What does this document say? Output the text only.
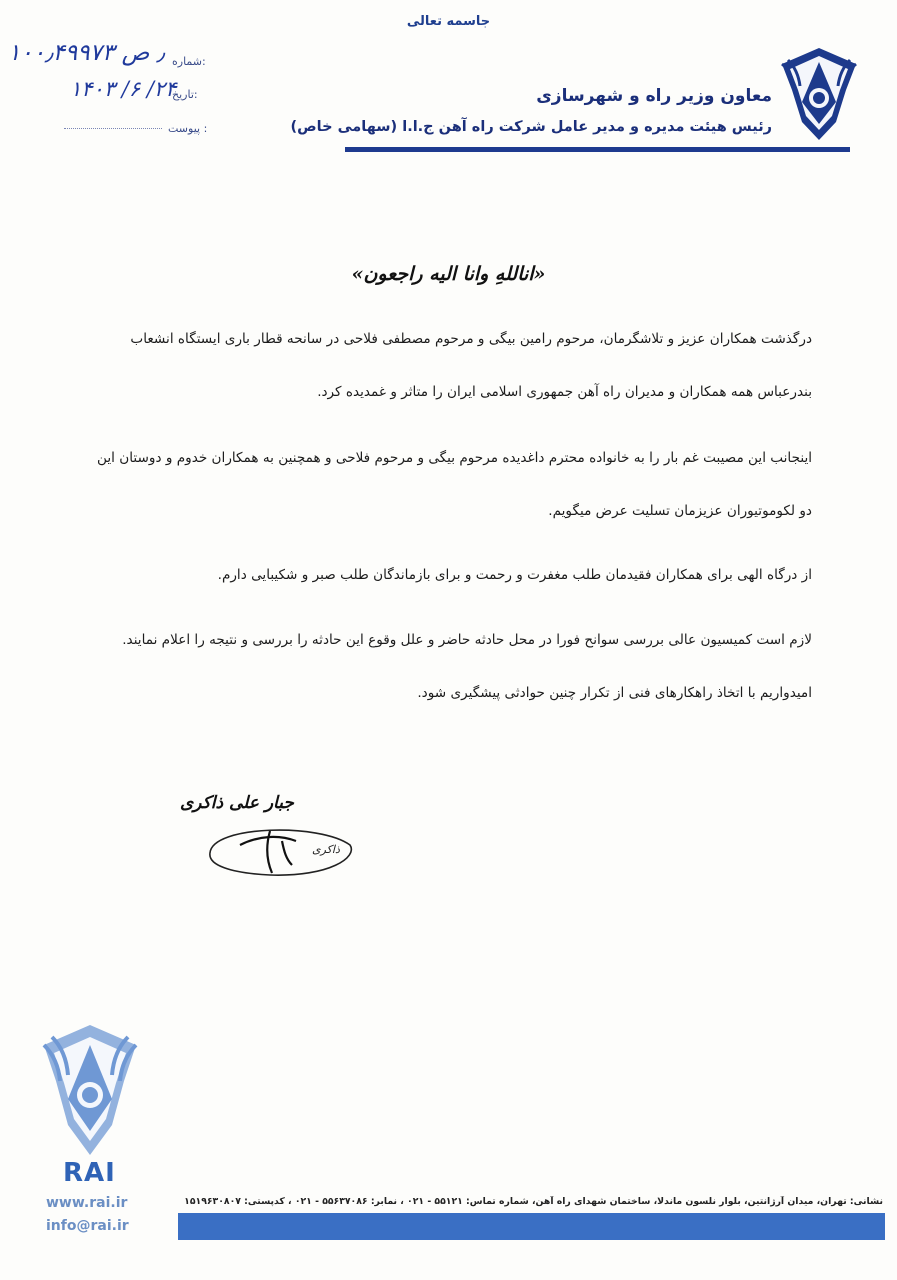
جاسمه تعالی
شماره:
۱۰۰٫۴۹۹۷۳ ٫ ص
تاریخ:
۱۴۰۳ /۶ /۲۴
پیوست :
معاون وزیر راه و شهرسازی
رئیس هیئت مدیره و مدیر عامل شرکت راه آهن ج.ا.ا (سهامی خاص)
«اناللهِ وانا الیه راجعون»
درگذشت همکاران عزیز و تلاشگرمان، مرحوم رامین بیگی و مرحوم مصطفی فلاحی در سانحه قطار باری ایستگاه انشعاب بندرعباس همه همکاران و مدیران راه آهن جمهوری اسلامی ایران را متاثر و غمدیده کرد.
اینجانب این مصیبت غم بار را به خانواده محترم داغدیده مرحوم بیگی و مرحوم فلاحی و همچنین به همکاران خدوم و دوستان این دو لکوموتیوران عزیزمان تسلیت عرض میگویم.
از درگاه الهی برای همکاران فقیدمان طلب مغفرت و رحمت و برای بازماندگان طلب صبر و شکیبایی دارم.
لازم است کمیسیون عالی بررسی سوانح فورا در محل حادثه حاضر و علل وقوع این حادثه را بررسی و نتیجه را اعلام نمایند. امیدواریم با اتخاذ راهکارهای فنی از تکرار چنین حوادثی پیشگیری شود.
جبار علی ذاکری
ذاکری
RAI
www.rai.ir
info@rai.ir
نشانی: تهران، میدان آرژانتین، بلوار نلسون ماندلا، ساختمان شهدای راه آهن، شماره تماس: ۵۵۱۲۱ - ۰۲۱ ، نمابر: ۵۵۶۳۷۰۸۶ - ۰۲۱ ، کدپستی: ۱۵۱۹۶۳۰۸۰۷
